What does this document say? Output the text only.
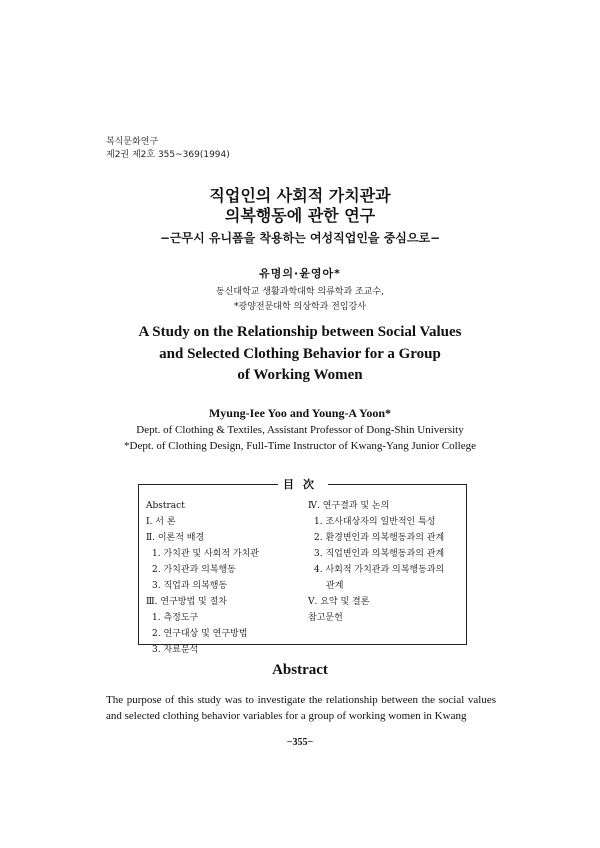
복식문화연구
제2권 제2호 355~369(1994)
직업인의 사회적 가치관과
의복행동에 관한 연구
−근무시 유니폼을 착용하는 여성직업인을 중심으로−
유명의·윤영아*
동신대학교 생활과학대학 의류학과 조교수,
*광양전문대학 의상학과 전임강사
A Study on the Relationship between Social Values
and Selected Clothing Behavior for a Group
of Working Women
Myung-Iee Yoo and Young-A Yoon*
Dept. of Clothing & Textiles, Assistant Professor of Dong-Shin University
*Dept. of Clothing Design, Full-Time Instructor of Kwang-Yang Junior College
目次
Abstract
Ⅰ. 서 론
Ⅱ. 이론적 배경
1. 가치관 및 사회적 가치관
2. 가치관과 의복행동
3. 직업과 의복행동
Ⅲ. 연구방법 및 절차
1. 측정도구
2. 연구대상 및 연구방법
3. 자료분석
Ⅳ. 연구결과 및 논의
1. 조사대상자의 일반적인 특성
2. 환경변인과 의복행동과의 관계
3. 직업변인과 의복행동과의 관계
4. 사회적 가치관과 의복행동과의
관계
Ⅴ. 요약 및 결론
참고문헌
Abstract
The purpose of this study was to investigate the relationship between the social values and selected clothing behavior variables for a group of working women in Kwang
−355−
